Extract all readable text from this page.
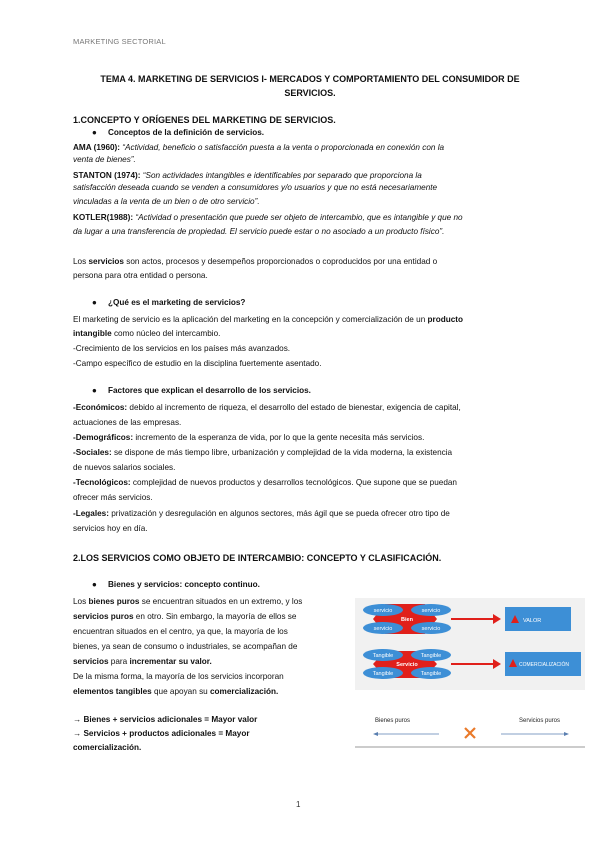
MARKETING SECTORIAL
TEMA 4. MARKETING DE SERVICIOS I- MERCADOS Y COMPORTAMIENTO DEL CONSUMIDOR DE SERVICIOS.
1.CONCEPTO Y ORÍGENES DEL MARKETING DE SERVICIOS.
● Conceptos de la definición de servicios.
AMA (1960): “Actividad, beneficio o satisfacción puesta a la venta o proporcionada en conexión con la
venta de bienes”.
STANTON (1974): “Son actividades intangibles e identificables por separado que proporciona la
satisfacción deseada cuando se venden a consumidores y/o usuarios y que no está necesariamente
vinculadas a la venta de un bien o de otro servicio”.
KOTLER(1988): “Actividad o presentación que puede ser objeto de intercambio, que es intangible y que no
da lugar a una transferencia de propiedad. El servicio puede estar o no asociado a un producto físico”.
Los servicios son actos, procesos y desempeños proporcionados o coproducidos por una entidad o
persona para otra entidad o persona.
● ¿Qué es el marketing de servicios?
El marketing de servicio es la aplicación del marketing en la concepción y comercialización de un producto
intangible como núcleo del intercambio.
-Crecimiento de los servicios en los países más avanzados.
-Campo específico de estudio en la disciplina fuertemente asentado.
● Factores que explican el desarrollo de los servicios.
-Económicos: debido al incremento de riqueza, el desarrollo del estado de bienestar, exigencia de capital,
actuaciones de las empresas.
-Demográficos: incremento de la esperanza de vida, por lo que la gente necesita más servicios.
-Sociales: se dispone de más tiempo libre, urbanización y complejidad de la vida moderna, la existencia
de nuevos salarios sociales.
-Tecnológicos: complejidad de nuevos productos y desarrollos tecnológicos. Que supone que se puedan
ofrecer más servicios.
-Legales: privatización y desregulación en algunos sectores, más ágil que se pueda ofrecer otro tipo de
servicios hoy en día.
2.LOS SERVICIOS COMO OBJETO DE INTERCAMBIO: CONCEPTO Y CLASIFICACIÓN.
● Bienes y servicios: concepto continuo.
Los bienes puros se encuentran situados en un extremo, y los
servicios puros en otro. Sin embargo, la mayoría de ellos se
encuentran situados en el centro, ya que, la mayoría de los
bienes, ya sean de consumo o industriales, se acompañan de
servicios para incrementar su valor.
De la misma forma, la mayoría de los servicios incorporan
elementos tangibles que apoyan su comercialización.
→ Bienes + servicios adicionales = Mayor valor
→ Servicios + productos adicionales = Mayor
comercialización.
servicio	servicio
servicio	servicio
Bien	VALOR
Tangible	Tangible
Tangible	Tangible
Servicio	COMERCIALIZACIÓN
Bienes puros	Servicios puros
1
